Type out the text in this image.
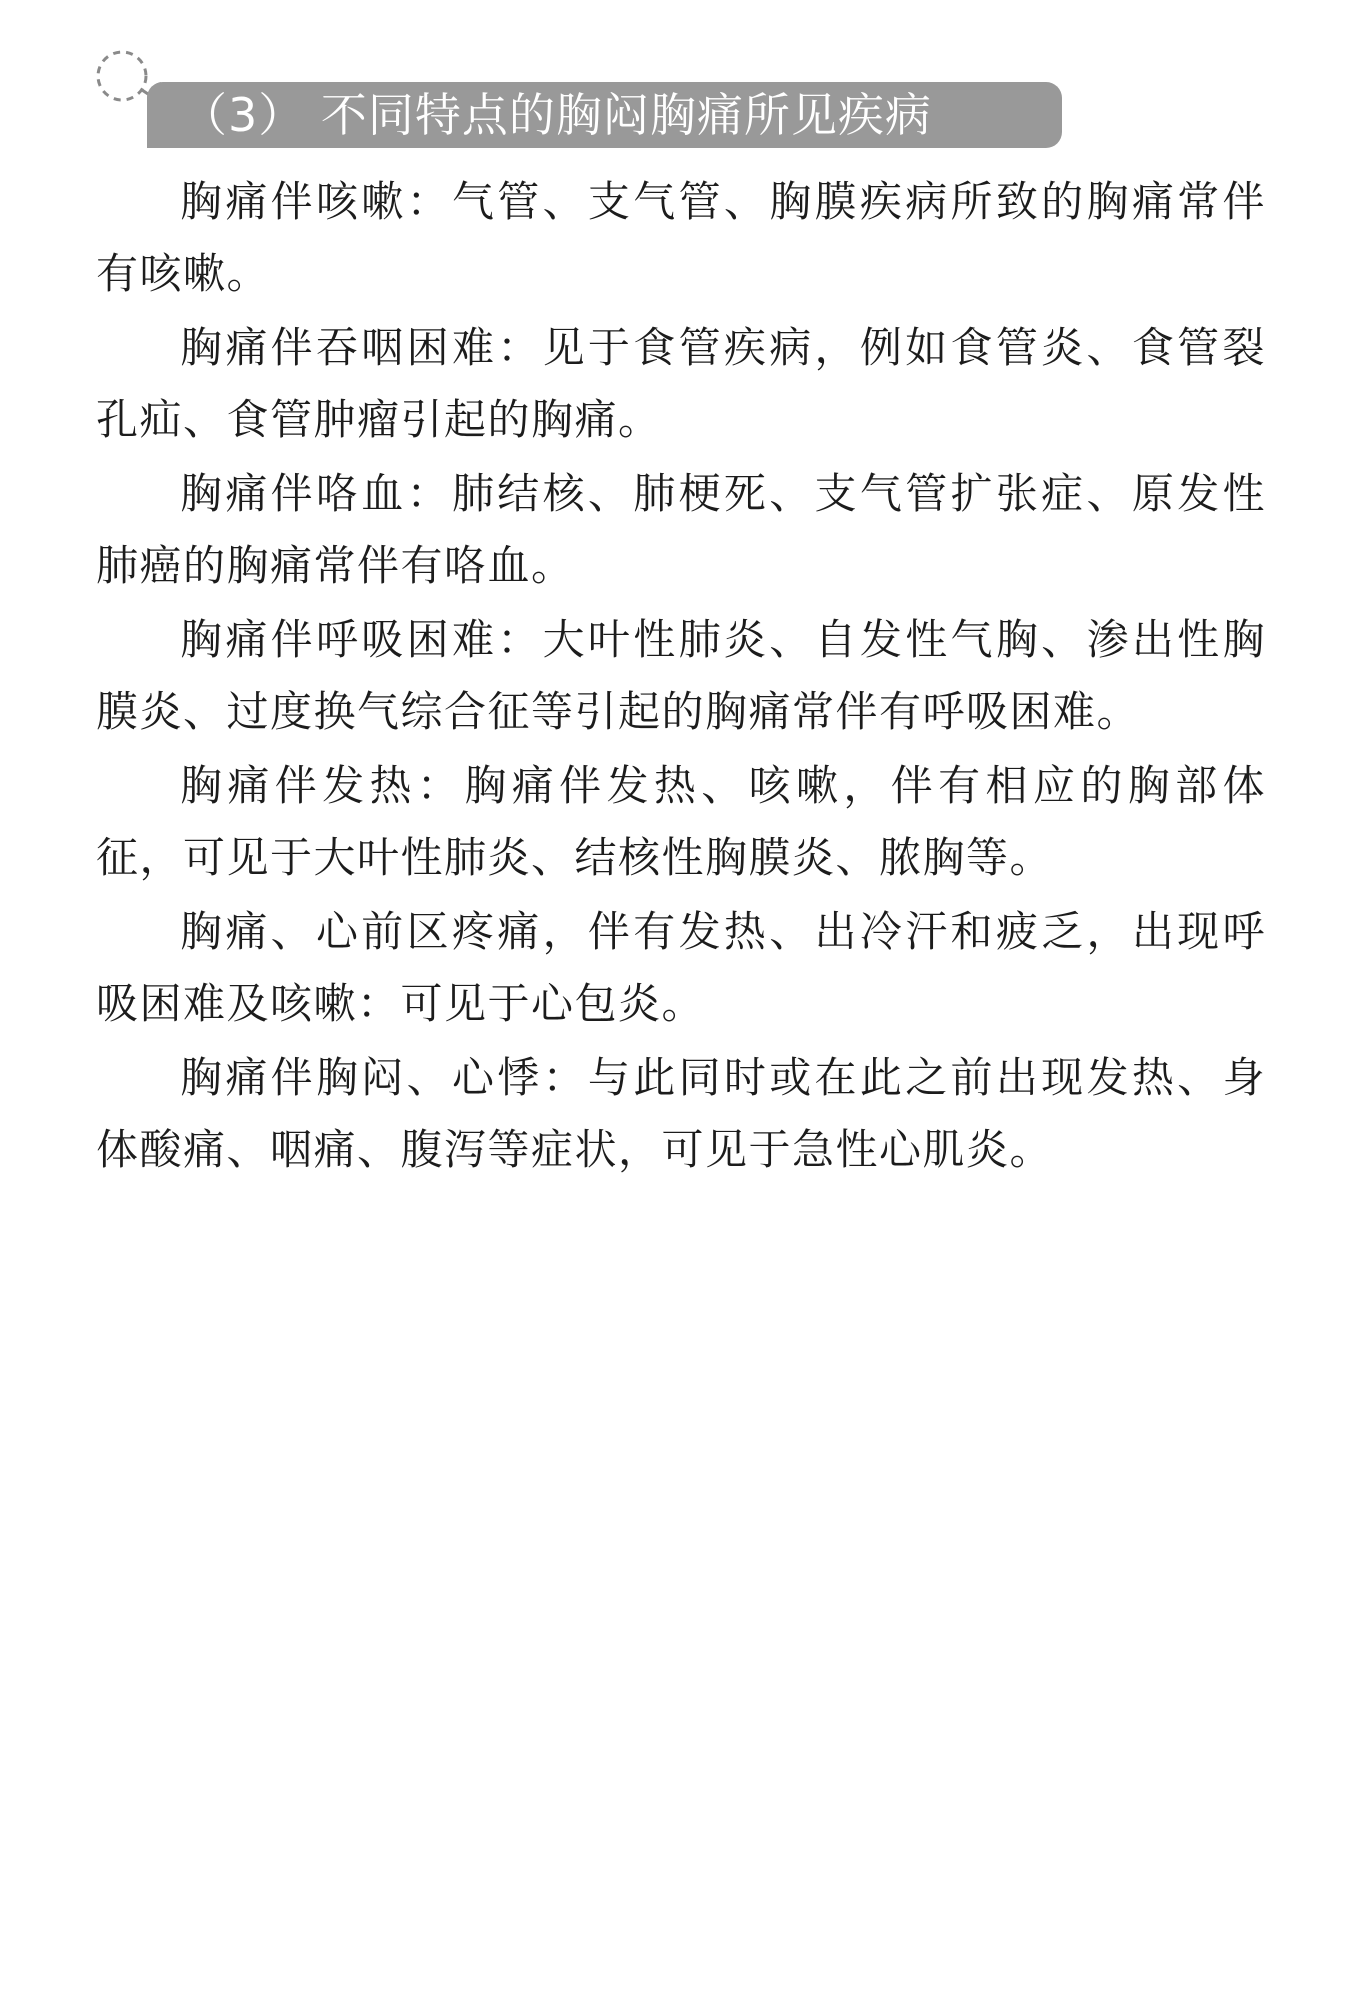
（3） 不同特点的胸闷胸痛所见疾病

胸痛伴咳嗽：气管、支气管、胸膜疾病所致的胸痛常伴有咳嗽。

胸痛伴吞咽困难：见于食管疾病，例如食管炎、食管裂孔疝、食管肿瘤引起的胸痛。

胸痛伴咯血：肺结核、肺梗死、支气管扩张症、原发性肺癌的胸痛常伴有咯血。

胸痛伴呼吸困难：大叶性肺炎、自发性气胸、渗出性胸膜炎、过度换气综合征等引起的胸痛常伴有呼吸困难。

胸痛伴发热：胸痛伴发热、咳嗽，伴有相应的胸部体征，可见于大叶性肺炎、结核性胸膜炎、脓胸等。

胸痛、心前区疼痛，伴有发热、出冷汗和疲乏，出现呼吸困难及咳嗽：可见于心包炎。

胸痛伴胸闷、心悸：与此同时或在此之前出现发热、身体酸痛、咽痛、腹泻等症状，可见于急性心肌炎。
